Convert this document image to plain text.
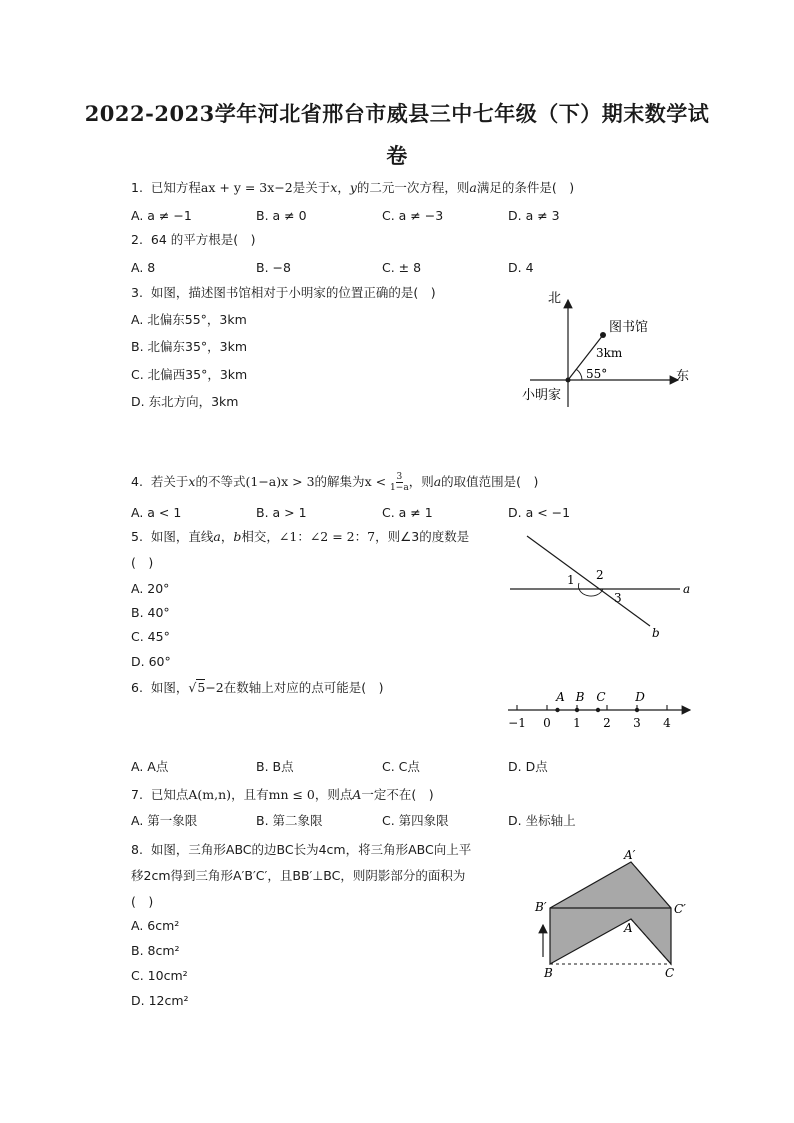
2022-2023学年河北省邢台市威县三中七年级（下）期末数学试
卷
1. 已知方程ax + y = 3x−2是关于x，y的二元一次方程，则a满足的条件是(　)
A. a ≠ −1	B. a ≠ 0	C. a ≠ −3	D. a ≠ 3
2. 64 的平方根是(　)
A. 8	B. −8	C. ± 8	D. 4
3. 如图，描述图书馆相对于小明家的位置正确的是(　)
A. 北偏东55°，3km
B. 北偏东35°，3km
C. 北偏西35°，3km
D. 东北方向，3km
北
东
图书馆
3km
55°
小明家
4. 若关于x的不等式(1−a)x > 3的解集为$x < \frac{3}{1-a}$ ，则a的取值范围是(　)
A. a < 1	B. a > 1	C. a ≠ 1	D. a < −1
5. 如图，直线a，b相交，∠1：∠2 = 2：7，则∠3的度数是
(　)
A. 20°
B. 40°
C. 45°
D. 60°
1 2
3
a
b
6. 如图，√5−2在数轴上对应的点可能是(　)
−1 0 1 2 3 4
A B C D
A. A点	B. B点	C. C点	D. D点
7. 已知点A(m,n)，且有mn ≤ 0，则点A一定不在(　)
A. 第一象限	B. 第二象限	C. 第四象限	D. 坐标轴上
8. 如图，三角形ABC的边BC长为4cm，将三角形ABC向上平
移2cm得到三角形A′B′C′，且BB′⊥BC，则阴影部分的面积为
(　)
A. 6cm²
B. 8cm²
C. 10cm²
D. 12cm²
A′
B′	C′
A
B	C
